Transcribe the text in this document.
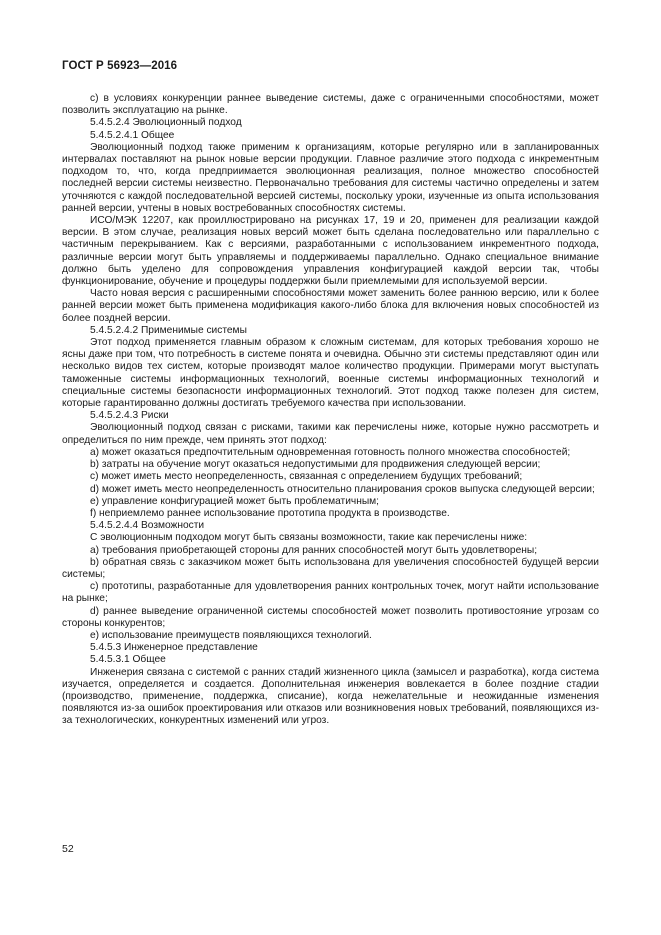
ГОСТ Р 56923—2016

с) в условиях конкуренции раннее выведение системы, даже с ограниченными способностями, может позволить эксплуатацию на рынке.

5.4.5.2.4 Эволюционный подход

5.4.5.2.4.1 Общее

Эволюционный подход также применим к организациям, которые регулярно или в запланированных интервалах поставляют на рынок новые версии продукции. Главное различие этого подхода с инкрементным подходом то, что, когда предприимается эволюционная реализация, полное множество способностей последней версии системы неизвестно. Первоначально требования для системы частично определены и затем уточняются с каждой последовательной версией системы, поскольку уроки, изученные из опыта использования ранней версии, учтены в новых востребованных способностях системы.

ИСО/МЭК 12207, как проиллюстрировано на рисунках 17, 19 и 20, применен для реализации каждой версии. В этом случае, реализация новых версий может быть сделана последовательно или параллельно с частичным перекрыванием. Как с версиями, разработанными с использованием инкрементного подхода, различные версии могут быть управляемы и поддерживаемы параллельно. Однако специальное внимание должно быть уделено для сопровождения управления конфигурацией каждой версии так, чтобы функционирование, обучение и процедуры поддержки были приемлемыми для используемой версии.

Часто новая версия с расширенными способностями может заменить более раннюю версию, или к более ранней версии может быть применена модификация какого-либо блока для включения новых способностей из более поздней версии.

5.4.5.2.4.2 Применимые системы

Этот подход применяется главным образом к сложным системам, для которых требования хорошо не ясны даже при том, что потребность в системе понята и очевидна. Обычно эти системы представляют один или несколько видов тех систем, которые производят малое количество продукции. Примерами могут выступать таможенные системы информационных технологий, военные системы информационных технологий и специальные системы безопасности информационных технологий. Этот подход также полезен для систем, которые гарантированно должны достигать требуемого качества при использовании.

5.4.5.2.4.3 Риски

Эволюционный подход связан с рисками, такими как перечислены ниже, которые нужно рассмотреть и определиться по ним прежде, чем принять этот подход:

а) может оказаться предпочтительным одновременная готовность полного множества способностей;

b) затраты на обучение могут оказаться недопустимыми для продвижения следующей версии;

с) может иметь место неопределенность, связанная с определением будущих требований;

d) может иметь место неопределенность относительно планирования сроков выпуска следующей версии;

е) управление конфигурацией может быть проблематичным;

f) неприемлемо раннее использование прототипа продукта в производстве.

5.4.5.2.4.4 Возможности

С эволюционным подходом могут быть связаны возможности, такие как перечислены ниже:

а) требования приобретающей стороны для ранних способностей могут быть удовлетворены;

b) обратная связь с заказчиком может быть использована для увеличения способностей будущей версии системы;

с) прототипы, разработанные для удовлетворения ранних контрольных точек, могут найти использование на рынке;

d) раннее выведение ограниченной системы способностей может позволить противостояние угрозам со стороны конкурентов;

е) использование преимуществ появляющихся технологий.

5.4.5.3 Инженерное представление

5.4.5.3.1 Общее

Инженерия связана с системой с ранних стадий жизненного цикла (замысел и разработка), когда система изучается, определяется и создается. Дополнительная инженерия вовлекается в более поздние стадии (производство, применение, поддержка, списание), когда нежелательные и неожиданные изменения появляются из-за ошибок проектирования или отказов или возникновения новых требований, появляющихся из-за технологических, конкурентных изменений или угроз.

52
